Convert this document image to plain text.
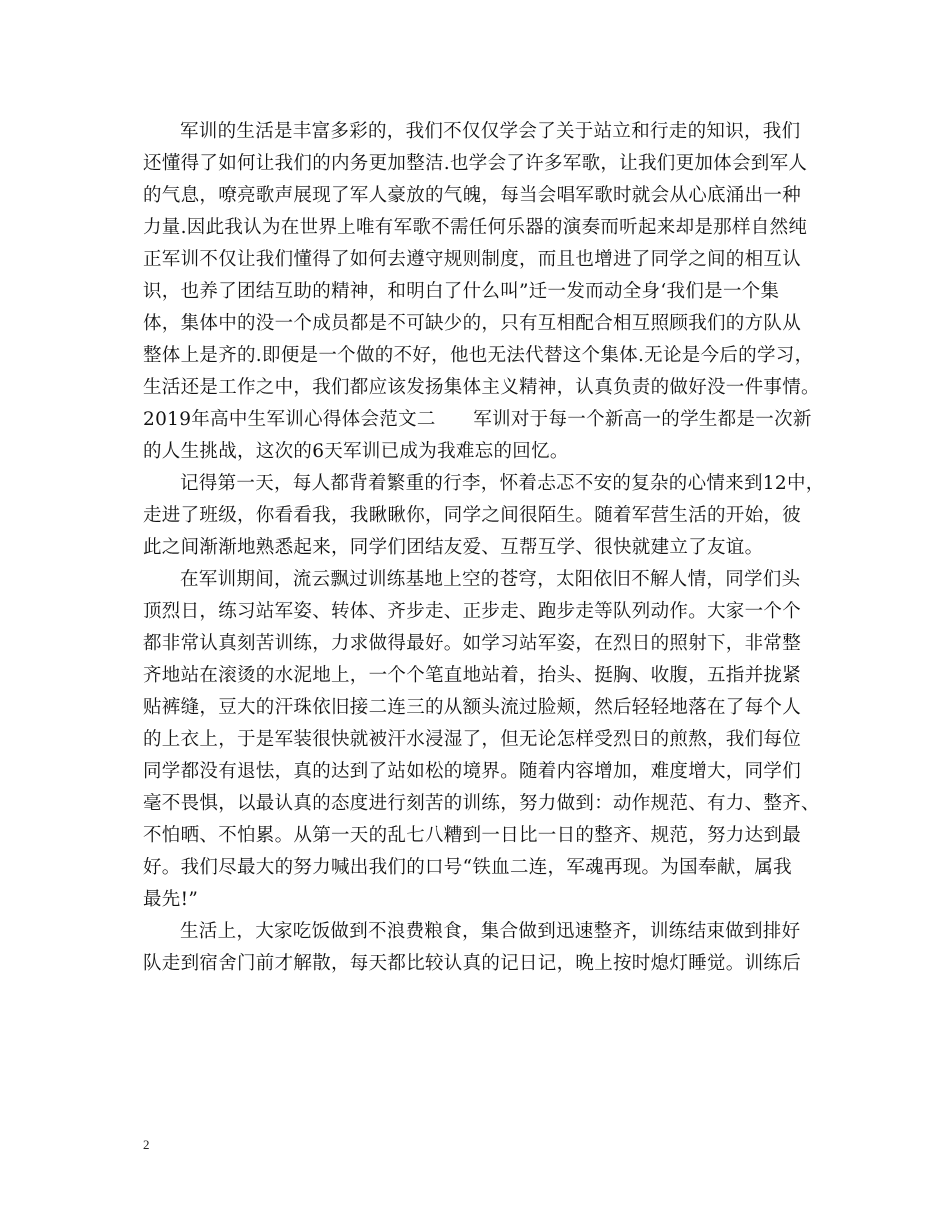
军训的生活是丰富多彩的，我们不仅仅学会了关于站立和行走的知识，我们
还懂得了如何让我们的内务更加整洁.也学会了许多军歌，让我们更加体会到军人
的气息，嘹亮歌声展现了军人豪放的气魄，每当会唱军歌时就会从心底涌出一种
力量.因此我认为在世界上唯有军歌不需任何乐器的演奏而听起来却是那样自然纯
正军训不仅让我们懂得了如何去遵守规则制度，而且也增进了同学之间的相互认
识，也养了团结互助的精神，和明白了什么叫”迁一发而动全身‘我们是一个集
体，集体中的没一个成员都是不可缺少的，只有互相配合相互照顾我们的方队从
整体上是齐的.即便是一个做的不好，他也无法代替这个集体.无论是今后的学习，
生活还是工作之中，我们都应该发扬集体主义精神，认真负责的做好没一件事情。
2019年高中生军训心得体会范文二　　军训对于每一个新高一的学生都是一次新
的人生挑战，这次的6天军训已成为我难忘的回忆。
记得第一天，每人都背着繁重的行李，怀着忐忑不安的复杂的心情来到12中，
走进了班级，你看看我，我瞅瞅你，同学之间很陌生。随着军营生活的开始，彼
此之间渐渐地熟悉起来，同学们团结友爱、互帮互学、很快就建立了友谊。
在军训期间，流云飘过训练基地上空的苍穹，太阳依旧不解人情，同学们头
顶烈日，练习站军姿、转体、齐步走、正步走、跑步走等队列动作。大家一个个
都非常认真刻苦训练，力求做得最好。如学习站军姿，在烈日的照射下，非常整
齐地站在滚烫的水泥地上，一个个笔直地站着，抬头、挺胸、收腹，五指并拢紧
贴裤缝，豆大的汗珠依旧接二连三的从额头流过脸颊，然后轻轻地落在了每个人
的上衣上，于是军装很快就被汗水浸湿了，但无论怎样受烈日的煎熬，我们每位
同学都没有退怯，真的达到了站如松的境界。随着内容增加，难度增大，同学们
毫不畏惧，以最认真的态度进行刻苦的训练，努力做到：动作规范、有力、整齐、
不怕晒、不怕累。从第一天的乱七八糟到一日比一日的整齐、规范，努力达到最
好。我们尽最大的努力喊出我们的口号“铁血二连，军魂再现。为国奉献，属我
最先!”
生活上，大家吃饭做到不浪费粮食，集合做到迅速整齐，训练结束做到排好
队走到宿舍门前才解散，每天都比较认真的记日记，晚上按时熄灯睡觉。训练后
2
